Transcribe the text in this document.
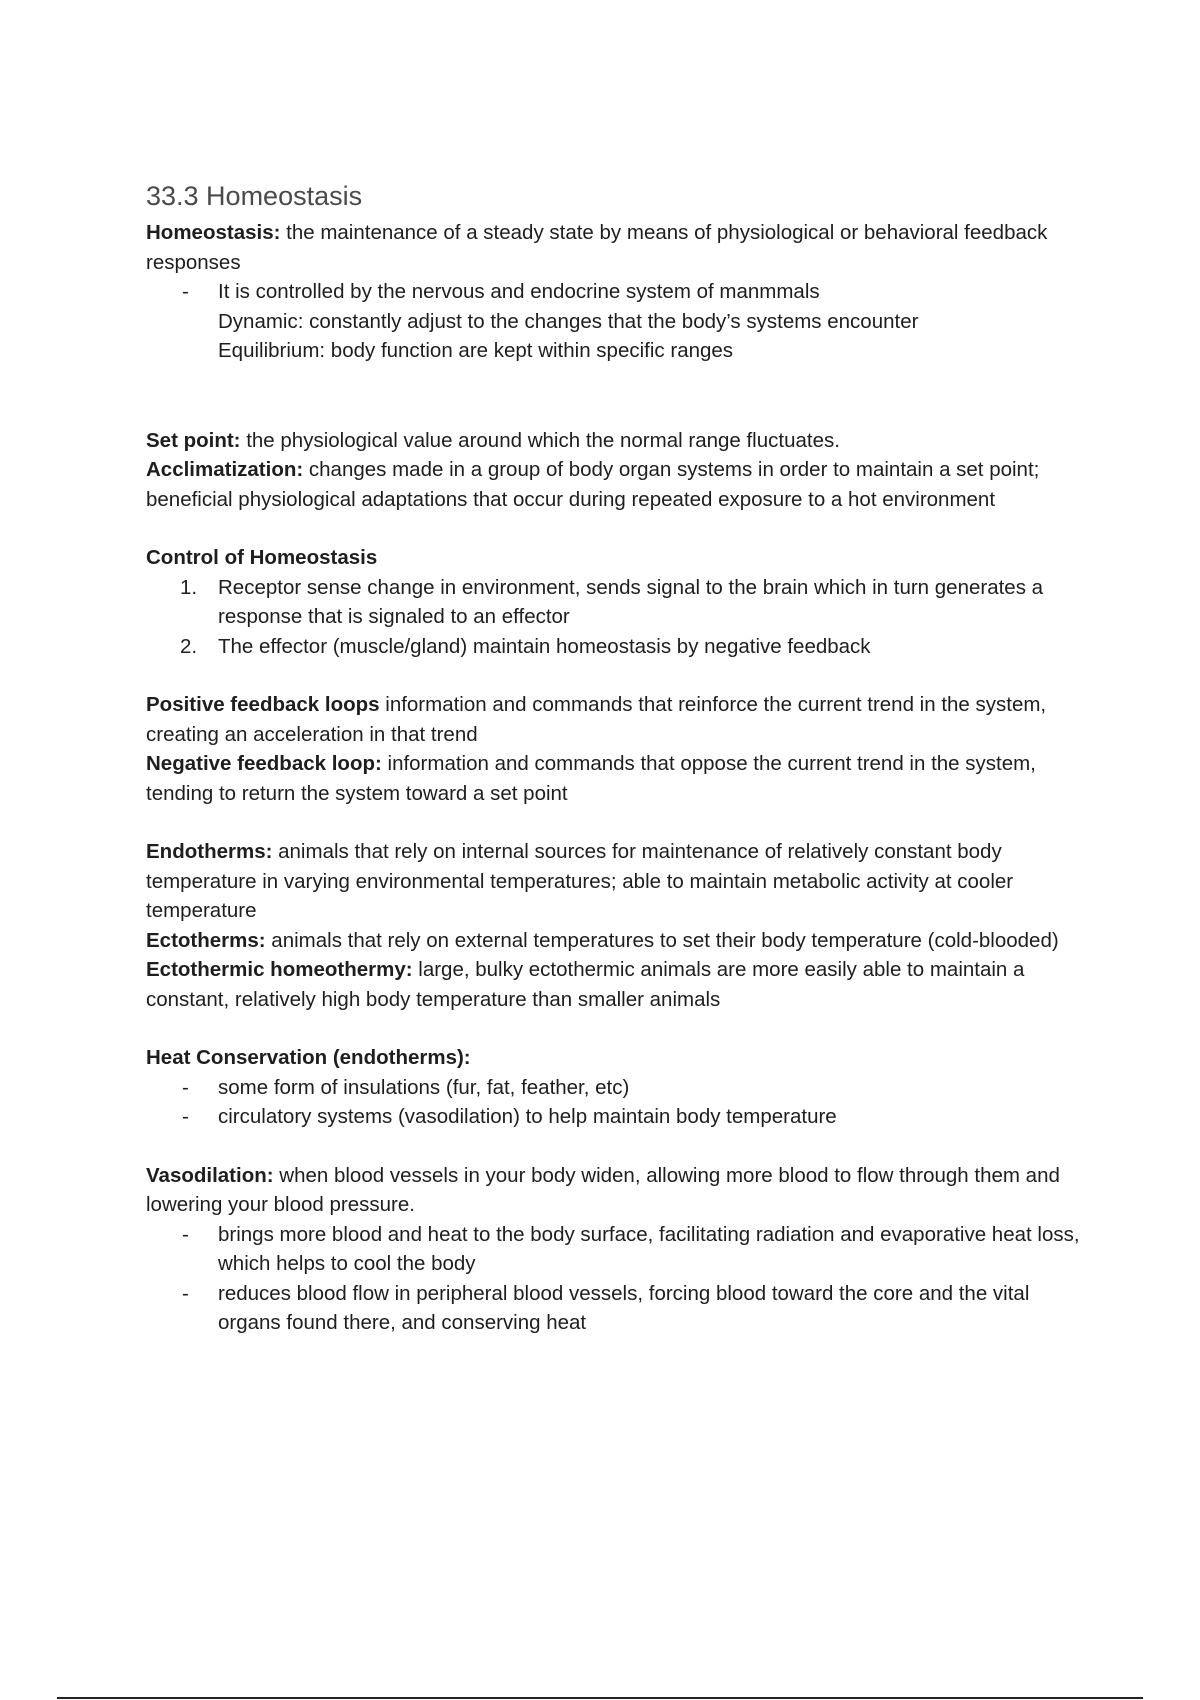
33.3 Homeostasis

Homeostasis: the maintenance of a steady state by means of physiological or behavioral feedback responses

-	It is controlled by the nervous and endocrine system of manmmals
Dynamic: constantly adjust to the changes that the body’s systems encounter
Equilibrium: body function are kept within specific ranges

Set point: the physiological value around which the normal range fluctuates.

Acclimatization: changes made in a group of body organ systems in order to maintain a set point; beneficial physiological adaptations that occur during repeated exposure to a hot environment

Control of Homeostasis

1.	Receptor sense change in environment, sends signal to the brain which in turn generates a response that is signaled to an effector
2.	The effector (muscle/gland) maintain homeostasis by negative feedback

Positive feedback loops information and commands that reinforce the current trend in the system, creating an acceleration in that trend

Negative feedback loop: information and commands that oppose the current trend in the system, tending to return the system toward a set point

Endotherms: animals that rely on internal sources for maintenance of relatively constant body temperature in varying environmental temperatures; able to maintain metabolic activity at cooler temperature

Ectotherms: animals that rely on external temperatures to set their body temperature (cold-blooded)

Ectothermic homeothermy: large, bulky ectothermic animals are more easily able to maintain a constant, relatively high body temperature than smaller animals

Heat Conservation (endotherms):

-	some form of insulations (fur, fat, feather, etc)
-	circulatory systems (vasodilation) to help maintain body temperature

Vasodilation: when blood vessels in your body widen, allowing more blood to flow through them and lowering your blood pressure.

-	brings more blood and heat to the body surface, facilitating radiation and evaporative heat loss, which helps to cool the body
-	reduces blood flow in peripheral blood vessels, forcing blood toward the core and the vital organs found there, and conserving heat
